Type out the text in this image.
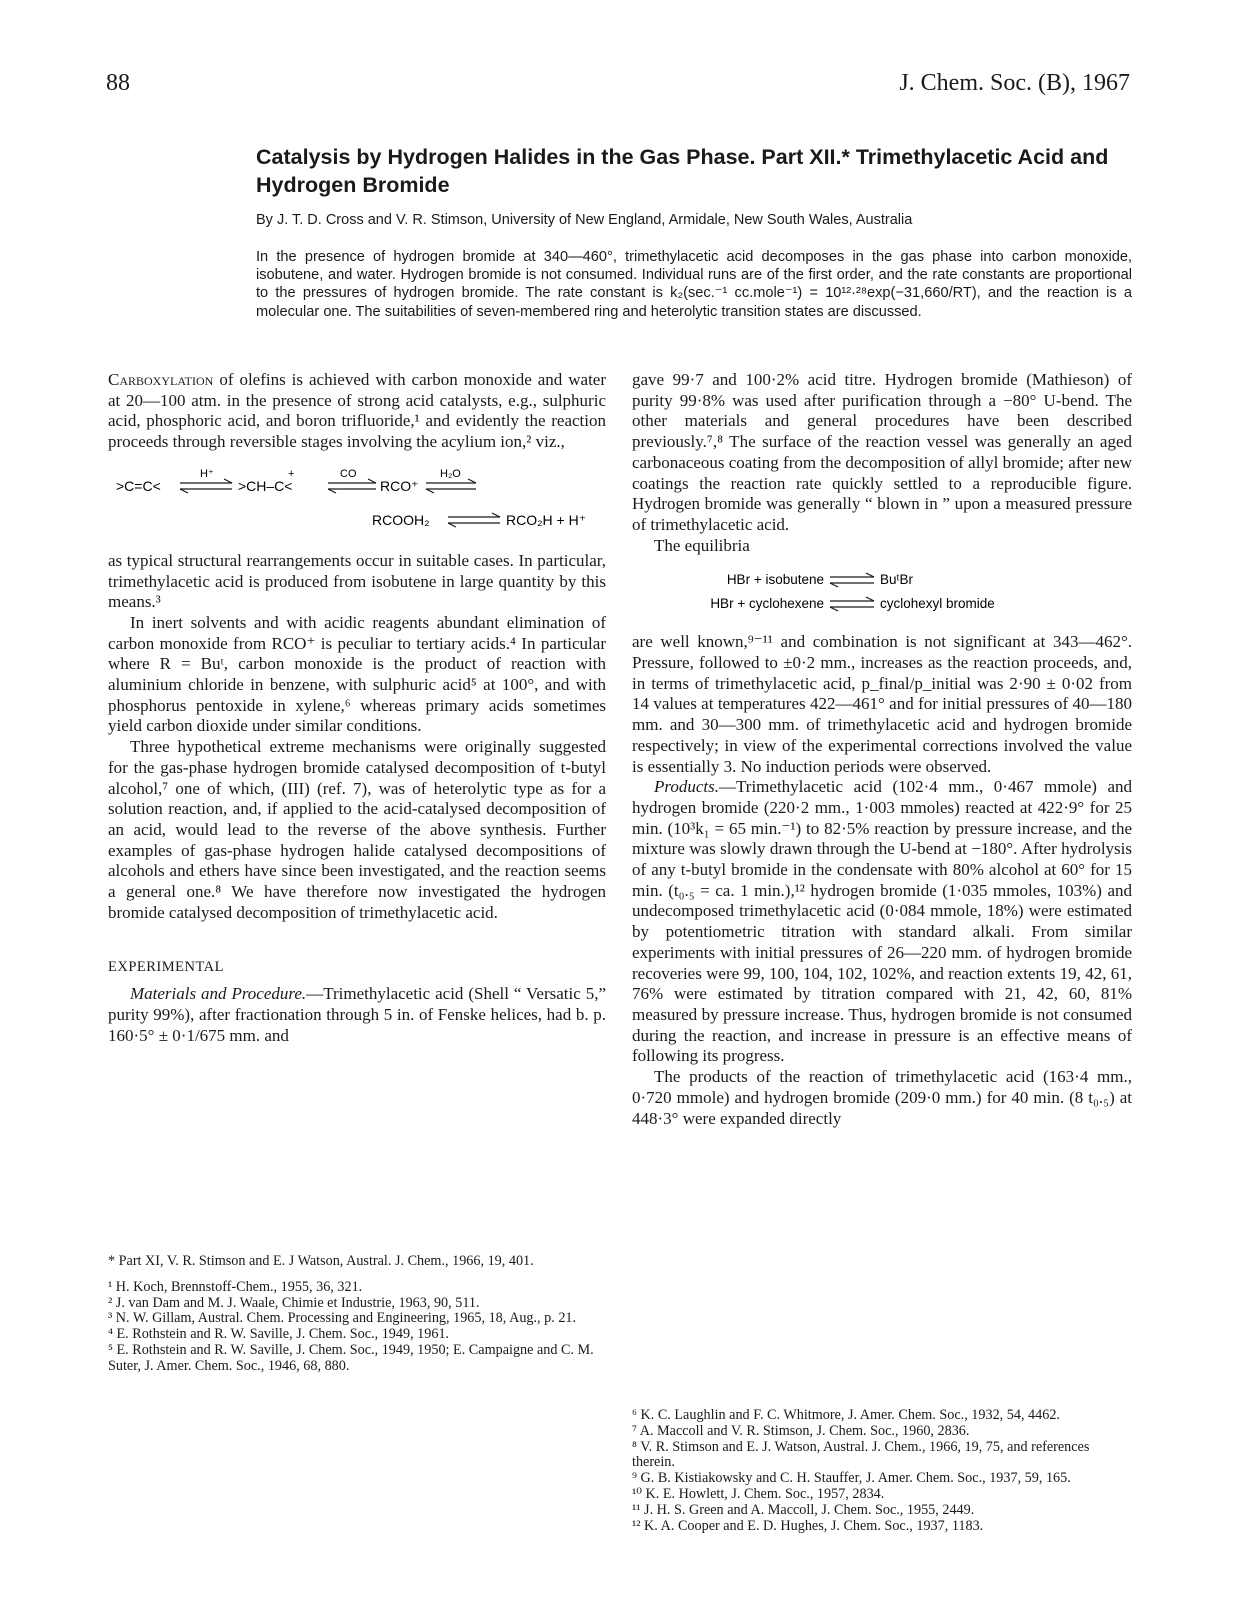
88	J. Chem. Soc. (B), 1967
Catalysis by Hydrogen Halides in the Gas Phase. Part XII.* Trimethylacetic Acid and Hydrogen Bromide
By J. T. D. Cross and V. R. Stimson, University of New England, Armidale, New South Wales, Australia
In the presence of hydrogen bromide at 340—460°, trimethylacetic acid decomposes in the gas phase into carbon monoxide, isobutene, and water. Hydrogen bromide is not consumed. Individual runs are of the first order, and the rate constants are proportional to the pressures of hydrogen bromide. The rate constant is k₂(sec.⁻¹ cc.mole⁻¹) = 10¹²·²⁸exp(−31,660/RT), and the reaction is a molecular one. The suitabilities of seven-membered ring and heterolytic transition states are discussed.

Carboxylation of olefins is achieved with carbon monoxide and water at 20—100 atm. in the presence of strong acid catalysts, e.g., sulphuric acid, phosphoric acid, and boron trifluoride,¹ and evidently the reaction proceeds through reversible stages involving the acylium ion,² viz.,

>C=C<
H⁺
>CH–C<
+	CO
RCO⁺
H₂O
RCOOH₂	RCO₂H + H⁺

as typical structural rearrangements occur in suitable cases. In particular, trimethylacetic acid is produced from isobutene in large quantity by this means.³

In inert solvents and with acidic reagents abundant elimination of carbon monoxide from RCO⁺ is peculiar to tertiary acids.⁴ In particular where R = Buᵗ, carbon monoxide is the product of reaction with aluminium chloride in benzene, with sulphuric acid⁵ at 100°, and with phosphorus pentoxide in xylene,⁶ whereas primary acids sometimes yield carbon dioxide under similar conditions.

Three hypothetical extreme mechanisms were originally suggested for the gas-phase hydrogen bromide catalysed decomposition of t-butyl alcohol,⁷ one of which, (III) (ref. 7), was of heterolytic type as for a solution reaction, and, if applied to the acid-catalysed decomposition of an acid, would lead to the reverse of the above synthesis. Further examples of gas-phase hydrogen halide catalysed decompositions of alcohols and ethers have since been investigated, and the reaction seems a general one.⁸ We have therefore now investigated the hydrogen bromide catalysed decomposition of trimethylacetic acid.

EXPERIMENTAL

Materials and Procedure.—Trimethylacetic acid (Shell “ Versatic 5,” purity 99%), after fractionation through 5 in. of Fenske helices, had b. p. 160·5° ± 0·1/675 mm. and

gave 99·7 and 100·2% acid titre. Hydrogen bromide (Mathieson) of purity 99·8% was used after purification through a −80° U-bend. The other materials and general procedures have been described previously.⁷,⁸ The surface of the reaction vessel was generally an aged carbonaceous coating from the decomposition of allyl bromide; after new coatings the reaction rate quickly settled to a reproducible figure. Hydrogen bromide was generally “ blown in ” upon a measured pressure of trimethylacetic acid.

The equilibria

HBr + isobutene	BuᵗBr
HBr + cyclohexene	cyclohexyl bromide

are well known,⁹⁻¹¹ and combination is not significant at 343—462°. Pressure, followed to ±0·2 mm., increases as the reaction proceeds, and, in terms of trimethylacetic acid, p_final/p_initial was 2·90 ± 0·02 from 14 values at temperatures 422—461° and for initial pressures of 40—180 mm. and 30—300 mm. of trimethylacetic acid and hydrogen bromide respectively; in view of the experimental corrections involved the value is essentially 3. No induction periods were observed.

Products.—Trimethylacetic acid (102·4 mm., 0·467 mmole) and hydrogen bromide (220·2 mm., 1·003 mmoles) reacted at 422·9° for 25 min. (10³k₁ = 65 min.⁻¹) to 82·5% reaction by pressure increase, and the mixture was slowly drawn through the U-bend at −180°. After hydrolysis of any t-butyl bromide in the condensate with 80% alcohol at 60° for 15 min. (t₀.₅ = ca. 1 min.),¹² hydrogen bromide (1·035 mmoles, 103%) and undecomposed trimethylacetic acid (0·084 mmole, 18%) were estimated by potentiometric titration with standard alkali. From similar experiments with initial pressures of 26—220 mm. of hydrogen bromide recoveries were 99, 100, 104, 102, 102%, and reaction extents 19, 42, 61, 76% were estimated by titration compared with 21, 42, 60, 81% measured by pressure increase. Thus, hydrogen bromide is not consumed during the reaction, and increase in pressure is an effective means of following its progress.

The products of the reaction of trimethylacetic acid (163·4 mm., 0·720 mmole) and hydrogen bromide (209·0 mm.) for 40 min. (8 t₀.₅) at 448·3° were expanded directly

* Part XI, V. R. Stimson and E. J Watson, Austral. J. Chem., 1966, 19, 401.

¹ H. Koch, Brennstoff-Chem., 1955, 36, 321.

² J. van Dam and M. J. Waale, Chimie et Industrie, 1963, 90, 511.

³ N. W. Gillam, Austral. Chem. Processing and Engineering, 1965, 18, Aug., p. 21.

⁴ E. Rothstein and R. W. Saville, J. Chem. Soc., 1949, 1961.

⁵ E. Rothstein and R. W. Saville, J. Chem. Soc., 1949, 1950; E. Campaigne and C. M. Suter, J. Amer. Chem. Soc., 1946, 68, 880.

⁶ K. C. Laughlin and F. C. Whitmore, J. Amer. Chem. Soc., 1932, 54, 4462.

⁷ A. Maccoll and V. R. Stimson, J. Chem. Soc., 1960, 2836.

⁸ V. R. Stimson and E. J. Watson, Austral. J. Chem., 1966, 19, 75, and references therein.

⁹ G. B. Kistiakowsky and C. H. Stauffer, J. Amer. Chem. Soc., 1937, 59, 165.

¹⁰ K. E. Howlett, J. Chem. Soc., 1957, 2834.

¹¹ J. H. S. Green and A. Maccoll, J. Chem. Soc., 1955, 2449.

¹² K. A. Cooper and E. D. Hughes, J. Chem. Soc., 1937, 1183.
